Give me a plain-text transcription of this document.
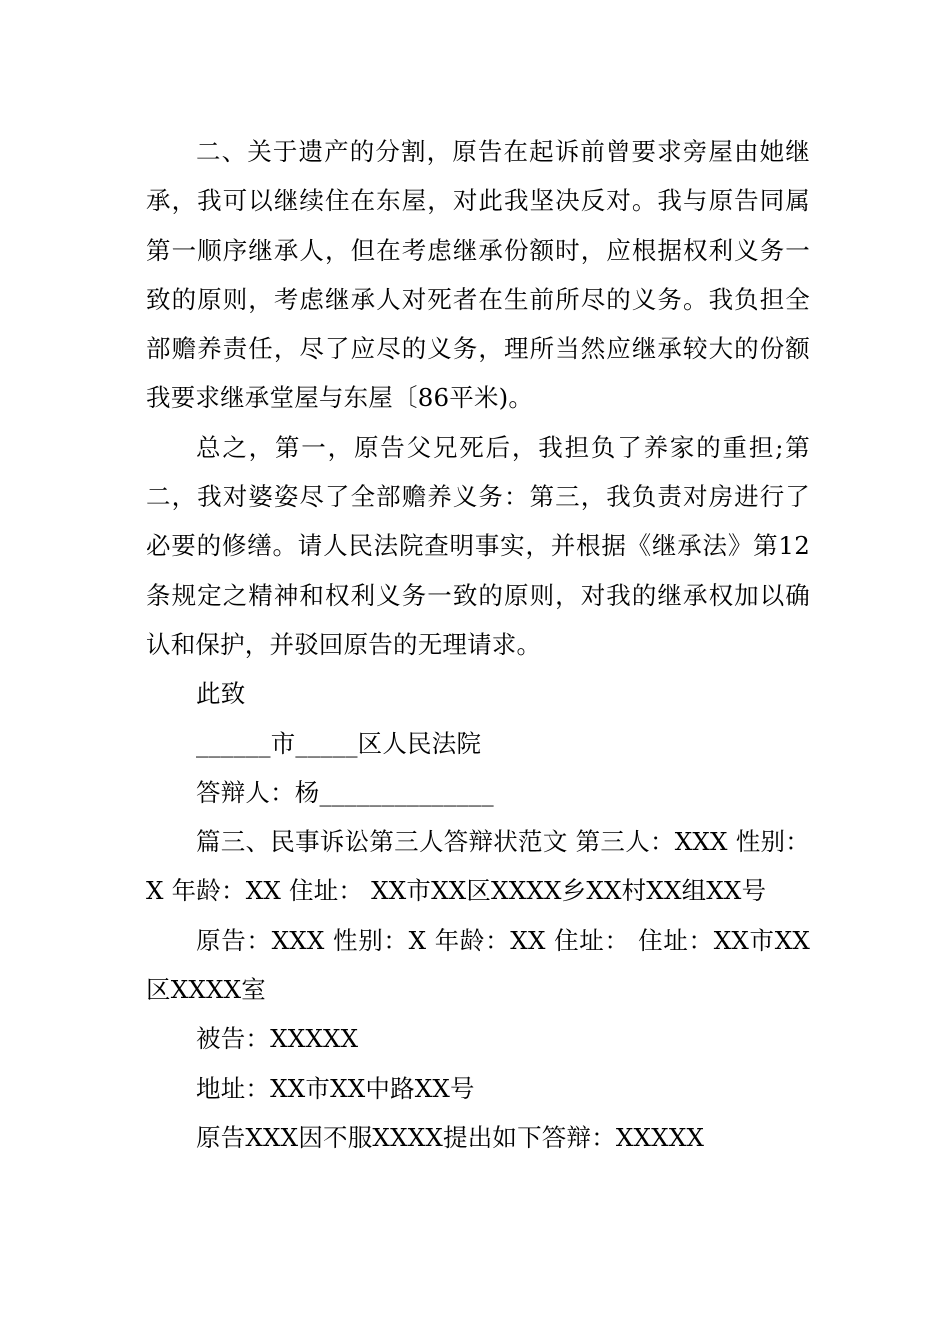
二、关于遗产的分割，原告在起诉前曾要求旁屋由她继承，我可以继续住在东屋，对此我坚决反对。我与原告同属第一顺序继承人，但在考虑继承份额时，应根据权利义务一致的原则，考虑继承人对死者在生前所尽的义务。我负担全部赡养责任，尽了应尽的义务，理所当然应继承较大的份额我要求继承堂屋与东屋〔86平米)。

总之，第一，原告父兄死后，我担负了养家的重担;第二，我对婆姿尽了全部赡养义务：第三，我负责对房进行了必要的修缮。请人民法院查明事实，并根据《继承法》第12条规定之精神和权利义务一致的原则，对我的继承权加以确认和保护，并驳回原告的无理请求。

此致

______市_____区人民法院

答辩人：杨______________

篇三、民事诉讼第三人答辩状范文 第三人：XXX 性别：X 年龄：XX 住址： XX市XX区XXXX乡XX村XX组XX号

原告：XXX 性别：X 年龄：XX 住址： 住址：XX市XX区XXXX室

被告：XXXXX

地址：XX市XX中路XX号

原告XXX因不服XXXX提出如下答辩：XXXXX
